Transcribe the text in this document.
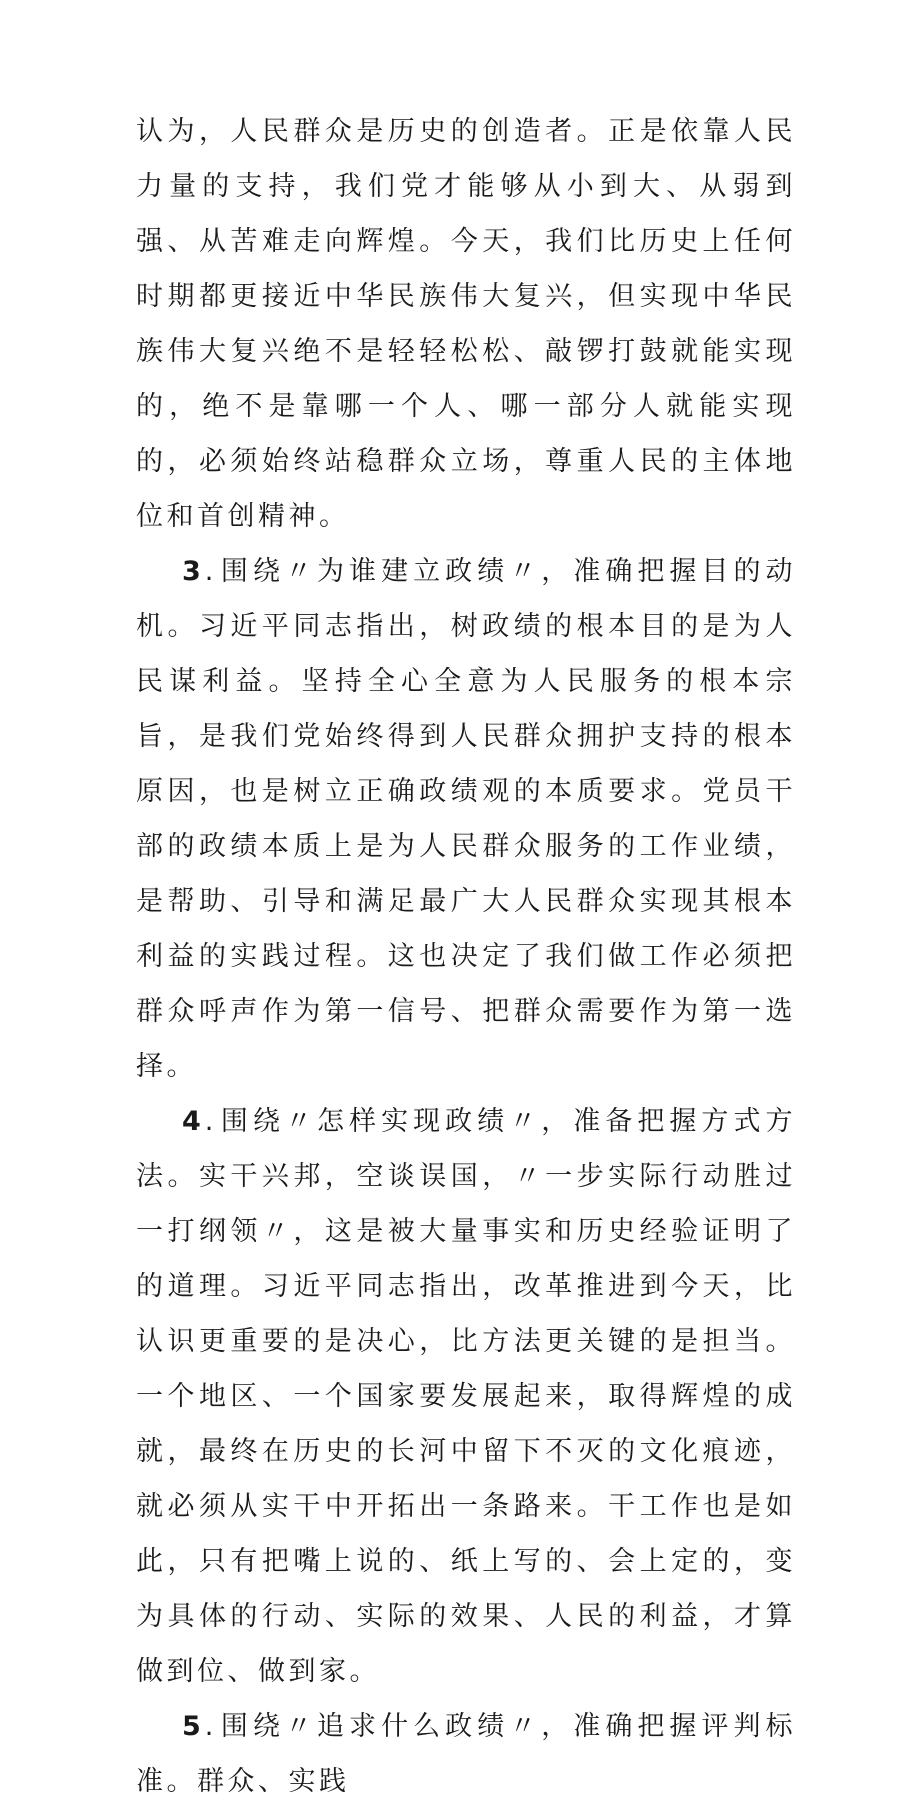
认为，人民群众是历史的创造者。正是依靠人民力量的支持，我们党才能够从小到大、从弱到强、从苦难走向辉煌。今天，我们比历史上任何时期都更接近中华民族伟大复兴，但实现中华民族伟大复兴绝不是轻轻松松、敲锣打鼓就能实现的，绝不是靠哪一个人、哪一部分人就能实现的，必须始终站稳群众立场，尊重人民的主体地位和首创精神。

3 . 围绕〃为谁建立政绩〃，准确把握目的动机。习近平同志指出，树政绩的根本目的是为人民谋利益。坚持全心全意为人民服务的根本宗旨，是我们党始终得到人民群众拥护支持的根本原因，也是树立正确政绩观的本质要求。党员干部的政绩本质上是为人民群众服务的工作业绩，是帮助、引导和满足最广大人民群众实现其根本利益的实践过程。这也决定了我们做工作必须把群众呼声作为第一信号、把群众需要作为第一选择。

4 . 围绕〃怎样实现政绩〃，准备把握方式方法。实干兴邦，空谈误国，〃一步实际行动胜过一打纲领〃，这是被大量事实和历史经验证明了的道理。习近平同志指出，改革推进到今天，比认识更重要的是决心，比方法更关键的是担当。一个地区、一个国家要发展起来，取得辉煌的成就，最终在历史的长河中留下不灭的文化痕迹，就必须从实干中开拓出一条路来。干工作也是如此，只有把嘴上说的、纸上写的、会上定的，变为具体的行动、实际的效果、人民的利益，才算做到位、做到家。

5 . 围绕〃追求什么政绩〃，准确把握评判标准。群众、实践
